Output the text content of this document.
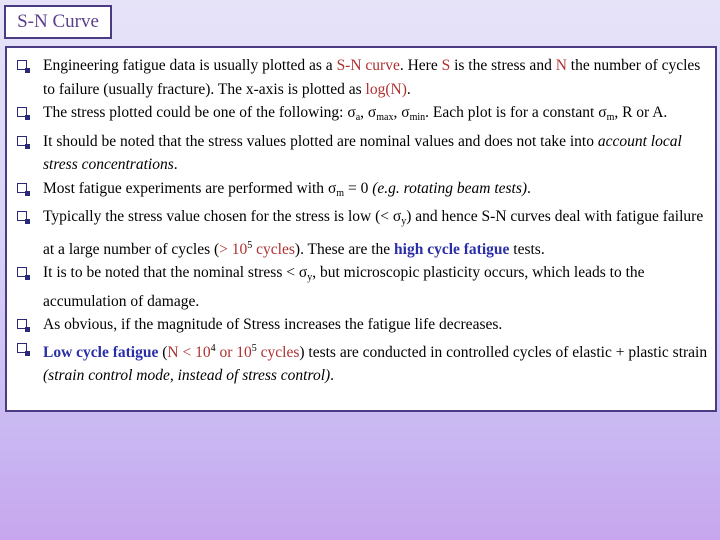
S-N Curve
Engineering fatigue data is usually plotted as a S-N curve. Here S is the stress and N the number of cycles to failure (usually fracture). The x-axis is plotted as log(N).
The stress plotted could be one of the following: $\sigma_a$, $\sigma_{max}$, $\sigma_{min}$. Each plot is for a constant $\sigma_m$, R or A.
It should be noted that the stress values plotted are nominal values and does not take into account local stress concentrations.
Most fatigue experiments are performed with $\sigma_m = 0$ (e.g. rotating beam tests).
Typically the stress value chosen for the stress is low (< $\sigma_y$) and hence S-N curves deal with fatigue failure at a large number of cycles (> $10^5$ cycles). These are the high cycle fatigue tests.
It is to be noted that the nominal stress < $\sigma_y$, but microscopic plasticity occurs, which leads to the accumulation of damage.
As obvious, if the magnitude of Stress increases the fatigue life decreases.
Low cycle fatigue ($N < 10^4$ or $10^5$ cycles) tests are conducted in controlled cycles of elastic + plastic strain (strain control mode, instead of stress control).
